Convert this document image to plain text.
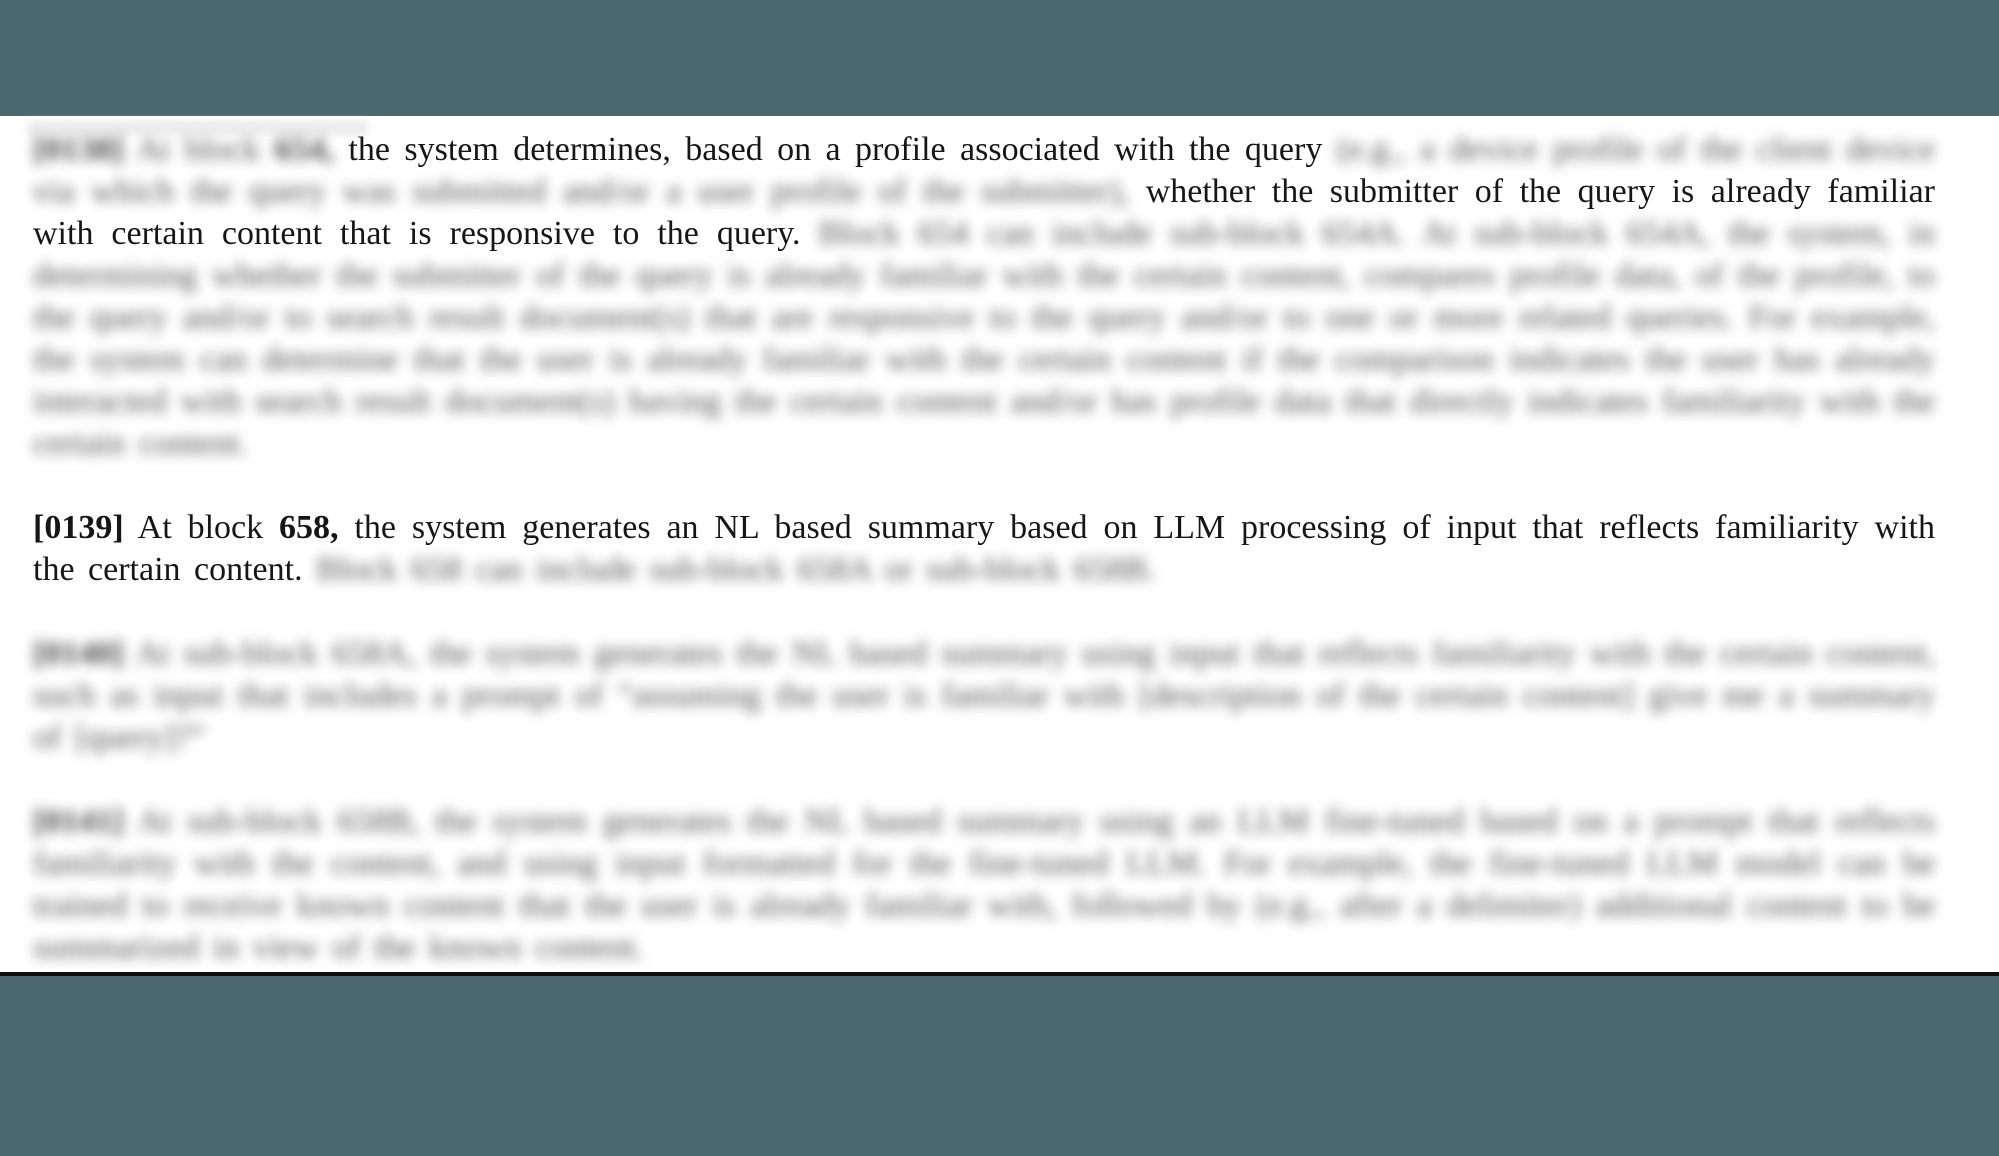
[0138] At block 654, the system determines, based on a profile associated with the query (e.g., a device profile of the client device via which the query was submitted and/or a user profile of the submitter), whether the submitter of the query is already familiar with certain content that is responsive to the query. Block 654 can include sub-block 654A. At sub-block 654A, the system, in determining whether the submitter of the query is already familiar with the certain content, compares profile data, of the profile, to the query and/or to search result document(s) that are responsive to the query and/or to one or more related queries. For example, the system can determine that the user is already familiar with the certain content if the comparison indicates the user has already interacted with search result document(s) having the certain content and/or has profile data that directly indicates familiarity with the certain content.

[0139] At block 658, the system generates an NL based summary based on LLM processing of input that reflects familiarity with the certain content. Block 658 can include sub-block 658A or sub-block 658B.

[0140] At sub-block 658A, the system generates the NL based summary using input that reflects familiarity with the certain content, such as input that includes a prompt of “assuming the user is familiar with [description of the certain content] give me a summary of [query]?”

[0141] At sub-block 658B, the system generates the NL based summary using an LLM fine-tuned based on a prompt that reflects familiarity with the content, and using input formatted for the fine-tuned LLM. For example, the fine-tuned LLM model can be trained to receive known content that the user is already familiar with, followed by (e.g., after a delimiter) additional content to be summarized in view of the known content.
